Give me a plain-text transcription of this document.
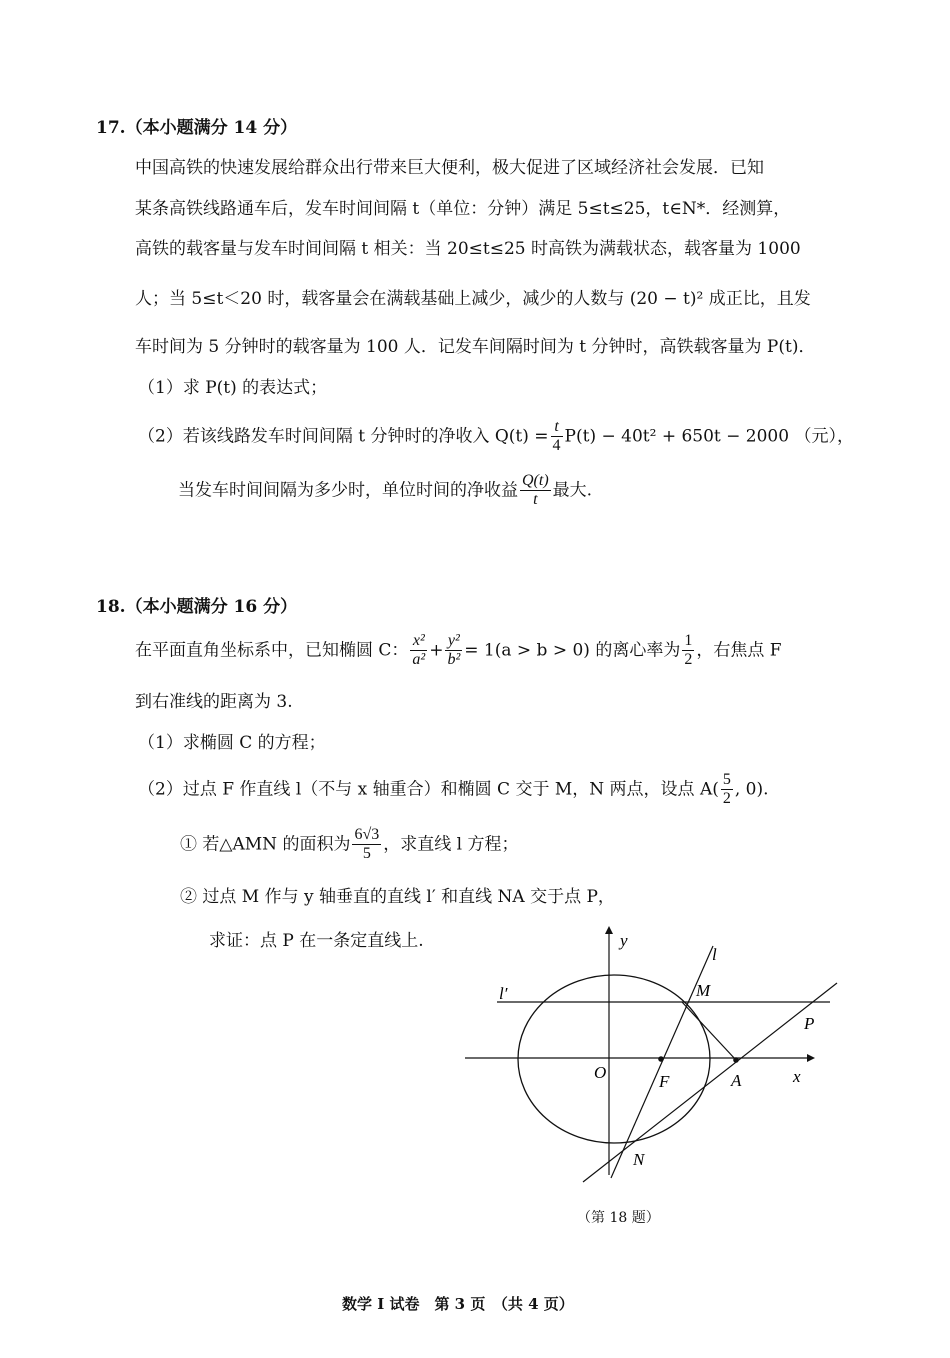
17.（本小题满分 14 分）
中国高铁的快速发展给群众出行带来巨大便利，极大促进了区域经济社会发展．已知
某条高铁线路通车后，发车时间间隔 t（单位：分钟）满足 5≤t≤25，t∈N*．经测算，
高铁的载客量与发车时间间隔 t 相关：当 20≤t≤25 时高铁为满载状态，载客量为 1000
人；当 5≤t＜20 时，载客量会在满载基础上减少，减少的人数与 (20 − t)² 成正比，且发
车时间为 5 分钟时的载客量为 100 人．记发车间隔时间为 t 分钟时，高铁载客量为 P(t)．
（1）求 P(t) 的表达式；
（2）若该线路发车时间间隔 t 分钟时的净收入 $Q(t) = \frac{t}{4} P(t) - 40t^2 + 650t - 2000$ （元），
当发车时间间隔为多少时，单位时间的净收益 $\frac{Q(t)}{t}$ 最大.
18.（本小题满分 16 分）
在平面直角坐标系中，已知椭圆 C： $\frac{\text{x²}}{\text{a²}} + \frac{\text{y²}}{\text{b²}} = 1(a > b > 0)$ 的离心率为 $\frac{1}{2}$ ，右焦点 F
到右准线的距离为 3.
（1）求椭圆 C 的方程；
（2）过点 F 作直线 l（不与 x 轴重合）和椭圆 C 交于 M，N 两点，设点 $A( \frac{5}{2}$ , 0).
① 若△AMN 的面积为 $\frac{6√3}{5}$ ，求直线 l 方程；
② 过点 M 作与 y 轴垂直的直线 l′ 和直线 NA 交于点 P，
求证：点 P 在一条定直线上.	y
x
l
l′	M
P
O	F	A
N
（第 18 题）
数学 I 试卷　第 3 页　（共 4 页）
